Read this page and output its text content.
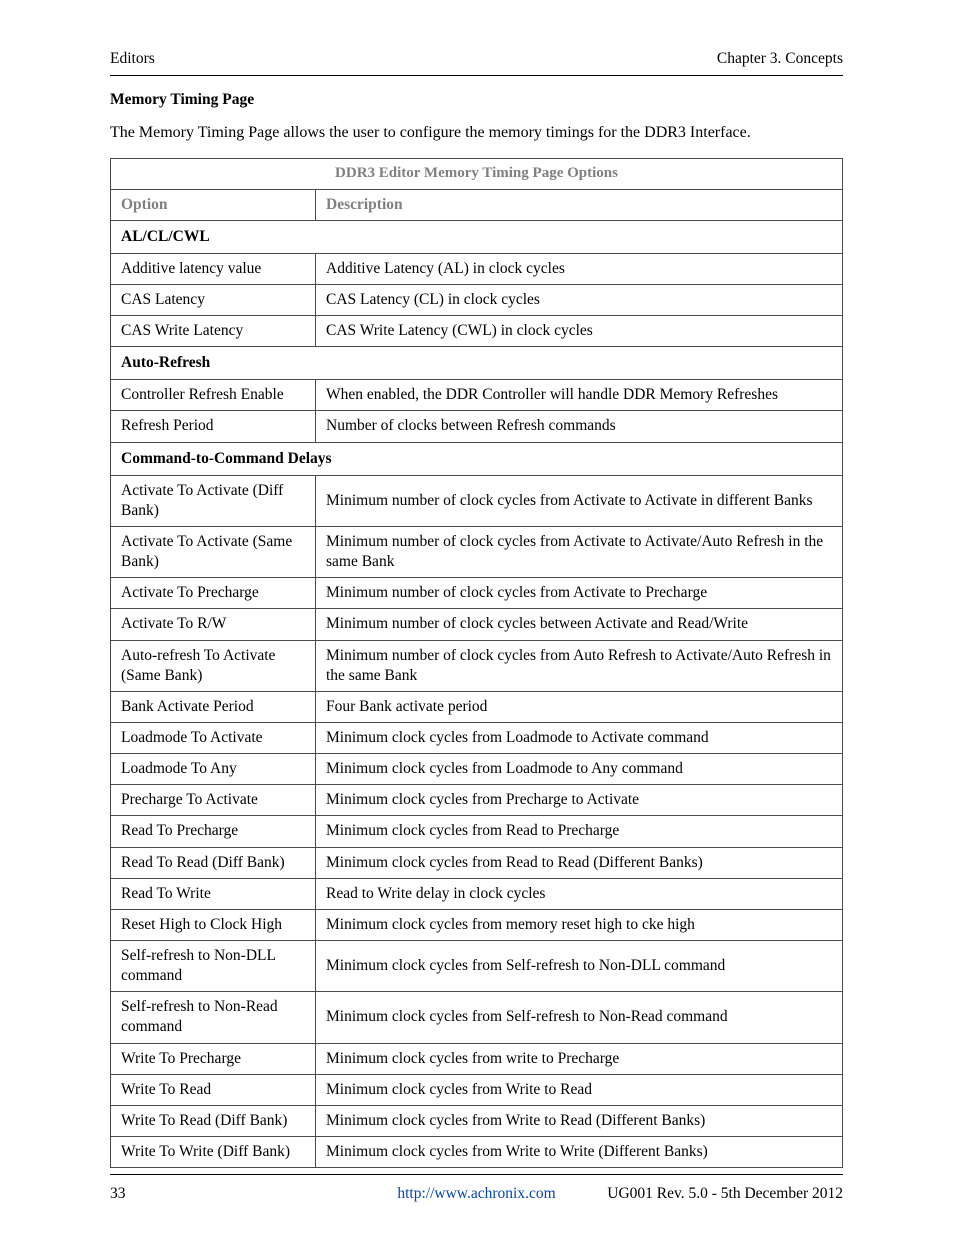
Editors	Chapter 3. Concepts
Memory Timing Page

The Memory Timing Page allows the user to configure the memory timings for the DDR3 Interface.

DDR3 Editor Memory Timing Page Options	
Option	Description
AL/CL/CWL	
Additive latency value	Additive Latency (AL) in clock cycles
CAS Latency	CAS Latency (CL) in clock cycles
CAS Write Latency	CAS Write Latency (CWL) in clock cycles
Auto-Refresh	
Controller Refresh Enable	When enabled, the DDR Controller will handle DDR Memory Refreshes
Refresh Period	Number of clocks between Refresh commands
Command-to-Command Delays	
Activate To Activate (Diff Bank)	Minimum number of clock cycles from Activate to Activate in different Banks
Activate To Activate (Same Bank)	Minimum number of clock cycles from Activate to Activate/Auto Refresh in the same Bank
Activate To Precharge	Minimum number of clock cycles from Activate to Precharge
Activate To R/W	Minimum number of clock cycles between Activate and Read/Write
Auto-refresh To Activate (Same Bank)	Minimum number of clock cycles from Auto Refresh to Activate/Auto Refresh in the same Bank
Bank Activate Period	Four Bank activate period
Loadmode To Activate	Minimum clock cycles from Loadmode to Activate command
Loadmode To Any	Minimum clock cycles from Loadmode to Any command
Precharge To Activate	Minimum clock cycles from Precharge to Activate
Read To Precharge	Minimum clock cycles from Read to Precharge
Read To Read (Diff Bank)	Minimum clock cycles from Read to Read (Different Banks)
Read To Write	Read to Write delay in clock cycles
Reset High to Clock High	Minimum clock cycles from memory reset high to cke high
Self-refresh to Non-DLL command	Minimum clock cycles from Self-refresh to Non-DLL command
Self-refresh to Non-Read command	Minimum clock cycles from Self-refresh to Non-Read command
Write To Precharge	Minimum clock cycles from write to Precharge
Write To Read	Minimum clock cycles from Write to Read
Write To Read (Diff Bank)	Minimum clock cycles from Write to Read (Different Banks)
Write To Write (Diff Bank)	Minimum clock cycles from Write to Write (Different Banks)
33	http://www.achronix.com	UG001 Rev. 5.0 - 5th December 2012
